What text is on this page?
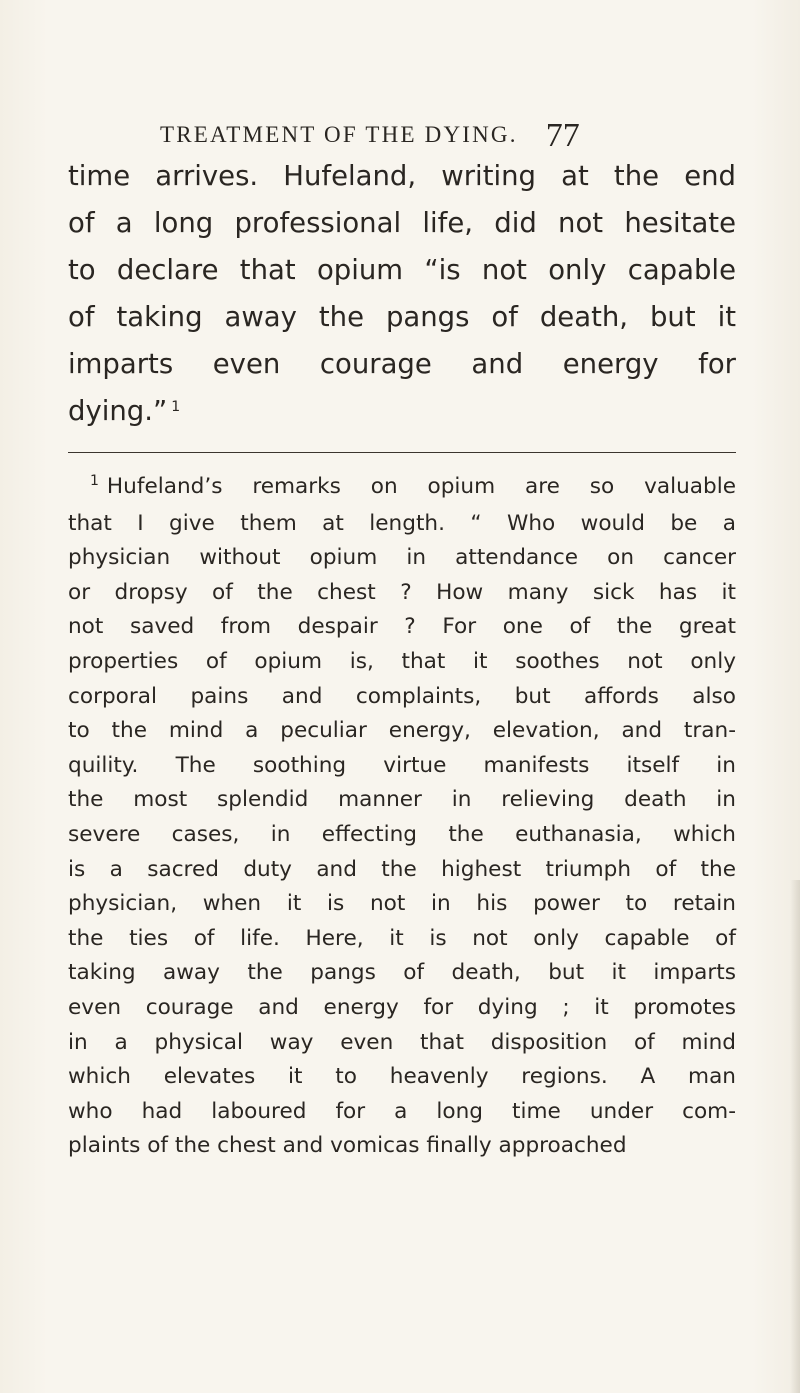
TREATMENT OF THE DYING. 77
time arrives. Hufeland, writing at the end
of a long professional life, did not hesitate
to declare that opium “is not only capable
of taking away the pangs of death, but it
imparts even courage and energy for
dying.” $^1$
$^1$ Hufeland’s remarks on opium are so valuable
that I give them at length. “ Who would be a
physician without opium in attendance on cancer
or dropsy of the chest ? How many sick has it
not saved from despair ? For one of the great
properties of opium is, that it soothes not only
corporal pains and complaints, but affords also
to the mind a peculiar energy, elevation, and tran-
quility. The soothing virtue manifests itself in
the most splendid manner in relieving death in
severe cases, in effecting the euthanasia, which
is a sacred duty and the highest triumph of the
physician, when it is not in his power to retain
the ties of life. Here, it is not only capable of
taking away the pangs of death, but it imparts
even courage and energy for dying ; it promotes
in a physical way even that disposition of mind
which elevates it to heavenly regions. A man
who had laboured for a long time under com-
plaints of the chest and vomicas finally approached
